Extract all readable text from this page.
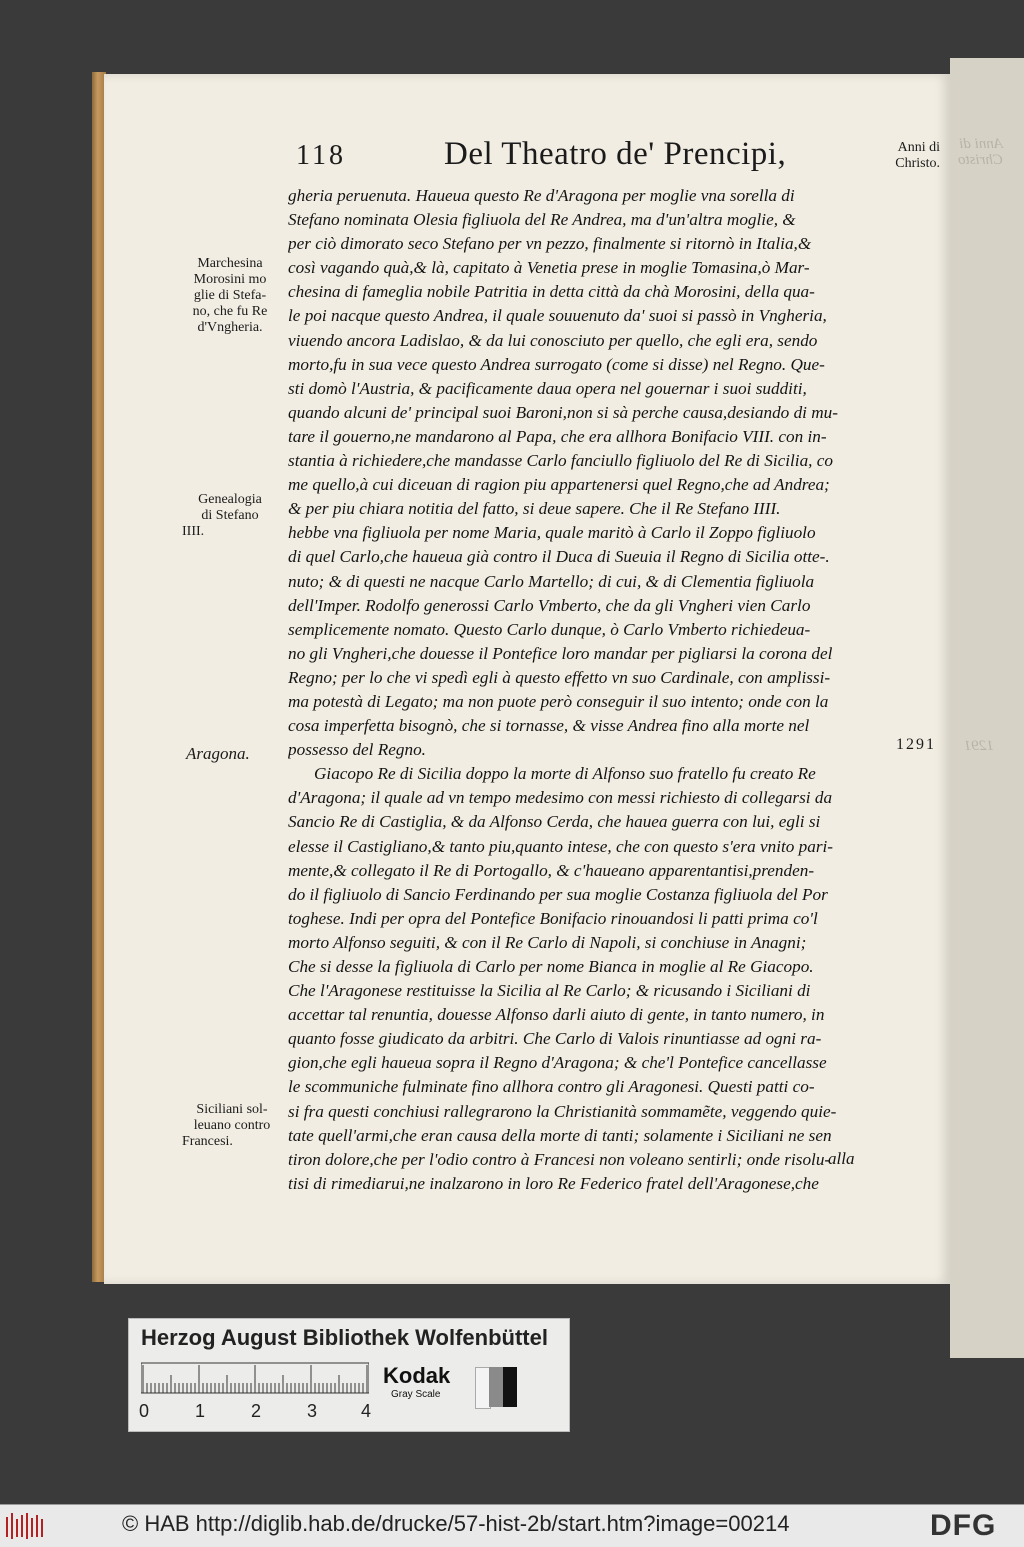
Anni di
Christo
1291
118	Del Theatro de' Prencipi,	Anni di
Christo.
gheria peruenuta. Haueua questo Re d'Aragona per moglie vna sorella di
Stefano nominata Olesia figliuola del Re Andrea, ma d'un'altra moglie, &
per ciò dimorato seco Stefano per vn pezzo, finalmente si ritornò in Italia,&
così vagando quà,& là, capitato à Venetia prese in moglie Tomasina,ò Mar-
chesina di fameglia nobile Patritia in detta città da chà Morosini, della qua-
le poi nacque questo Andrea, il quale souuenuto da' suoi si passò in Vngheria,
viuendo ancora Ladislao, & da lui conosciuto per quello, che egli era, sendo
morto,fu in sua vece questo Andrea surrogato (come si disse) nel Regno. Que-
sti domò l'Austria, & pacificamente daua opera nel gouernar i suoi sudditi,
quando alcuni de' principal suoi Baroni,non si sà perche causa,desiando di mu-
tare il gouerno,ne mandarono al Papa, che era allhora Bonifacio VIII. con in-
stantia à richiedere,che mandasse Carlo fanciullo figliuolo del Re di Sicilia, co
me quello,à cui diceuan di ragion piu appartenersi quel Regno,che ad Andrea;
& per piu chiara notitia del fatto, si deue sapere. Che il Re Stefano IIII.
hebbe vna figliuola per nome Maria, quale maritò à Carlo il Zoppo figliuolo
di quel Carlo,che haueua già contro il Duca di Sueuia il Regno di Sicilia otte-.
nuto; & di questi ne nacque Carlo Martello; di cui, & di Clementia figliuola
dell'Imper. Rodolfo generossi Carlo Vmberto, che da gli Vngheri vien Carlo
semplicemente nomato. Questo Carlo dunque, ò Carlo Vmberto richiedeua-
no gli Vngheri,che douesse il Pontefice loro mandar per pigliarsi la corona del
Regno; per lo che vi spedì egli à questo effetto vn suo Cardinale, con amplissi-
ma potestà di Legato; ma non puote però conseguir il suo intento; onde con la
cosa imperfetta bisognò, che si tornasse, & visse Andrea fino alla morte nel
possesso del Regno.
Giacopo Re di Sicilia doppo la morte di Alfonso suo fratello fu creato Re
d'Aragona; il quale ad vn tempo medesimo con messi richiesto di collegarsi da
Sancio Re di Castiglia, & da Alfonso Cerda, che hauea guerra con lui, egli si
elesse il Castigliano,& tanto piu,quanto intese, che con questo s'era vnito pari-
mente,& collegato il Re di Portogallo, & c'haueano apparentantisi,prenden-
do il figliuolo di Sancio Ferdinando per sua moglie Costanza figliuola del Por
toghese. Indi per opra del Pontefice Bonifacio rinouandosi li patti prima co'l
morto Alfonso seguiti, & con il Re Carlo di Napoli, si conchiuse in Anagni;
Che si desse la figliuola di Carlo per nome Bianca in moglie al Re Giacopo.
Che l'Aragonese restituisse la Sicilia al Re Carlo; & ricusando i Siciliani di
accettar tal renuntia, douesse Alfonso darli aiuto di gente, in tanto numero, in
quanto fosse giudicato da arbitri. Che Carlo di Valois rinuntiasse ad ogni ra-
gion,che egli haueua sopra il Regno d'Aragona; & che'l Pontefice cancellasse
le scommuniche fulminate fino allhora contro gli Aragonesi. Questi patti co-
si fra questi conchiusi rallegrarono la Christianità sommamẽte, veggendo quie-
tate quell'armi,che eran causa della morte di tanti; solamente i Siciliani ne sen
tiron dolore,che per l'odio contro à Francesi non voleano sentirli; onde risolu-
tisi di rimediarui,ne inalzarono in loro Re Federico fratel dell'Aragonese,che
Marchesina
Morosini mo
glie di Stefa-
no, che fu Re
d'Vngheria.
Genealogia
di Stefano
IIII.
Aragona.
Siciliani sol-
leuano contro
Francesi.
1291
alla
Herzog August Bibliothek Wolfenbüttel
0	1	2	3 4
Kodak
Gray Scale
© HAB http://diglib.hab.de/drucke/57-hist-2b/start.htm?image=00214	DFG
